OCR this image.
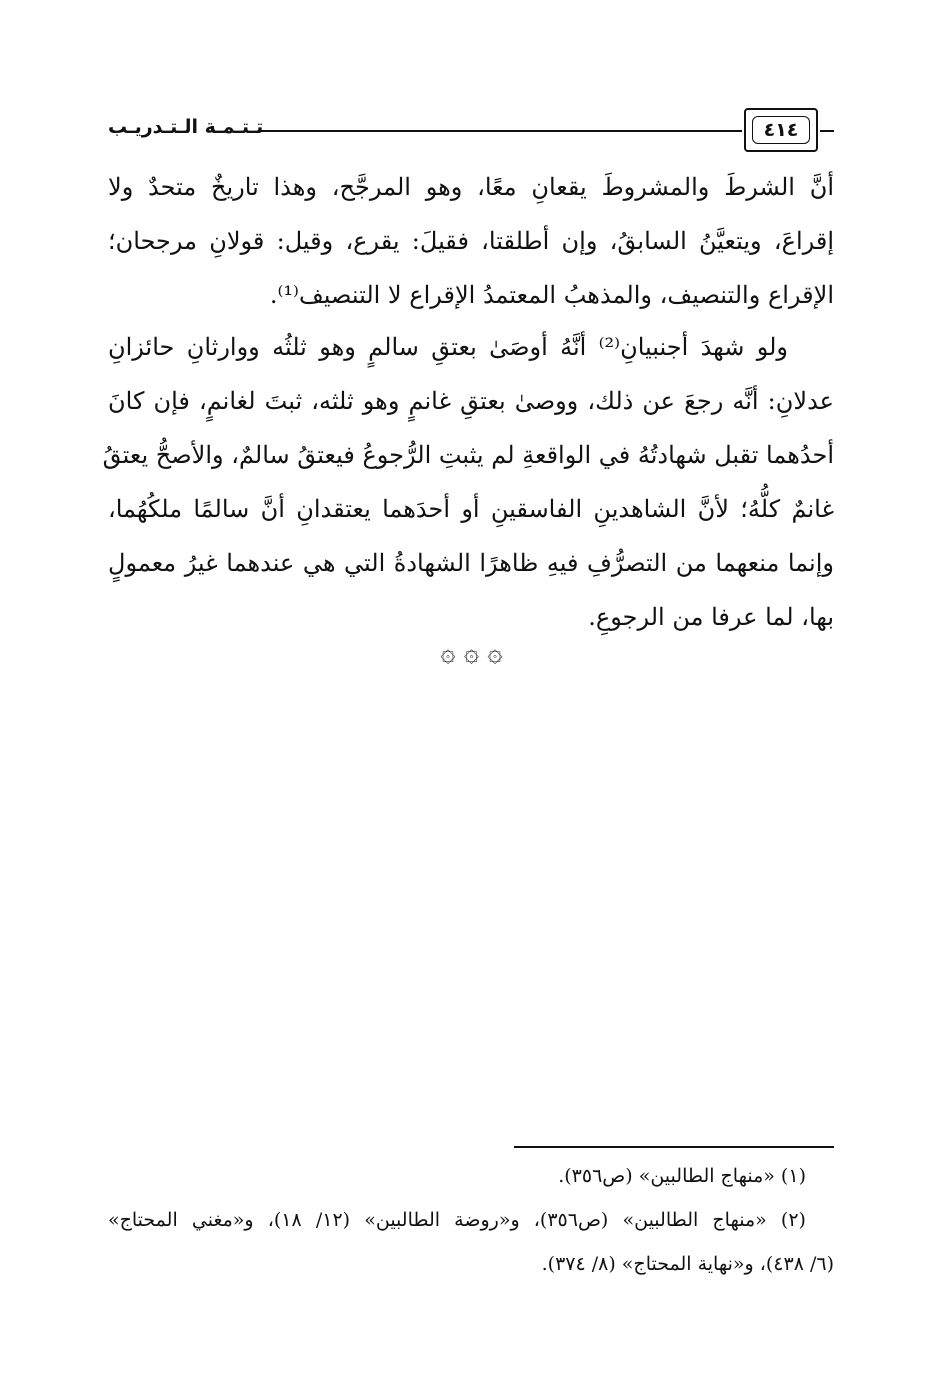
تـتـمـة الـتـدريـب	٤١٤
أنَّ الشرطَ والمشروطَ يقعانِ معًا، وهو المرجَّح، وهذا تاريخٌ متحدٌ ولا
إقراعَ، ويتعيَّنُ السابقُ، وإن أطلقتا، فقيلَ: يقرع، وقيل: قولانِ مرجحان؛
الإقراع والتنصيف، والمذهبُ المعتمدُ الإقراع لا التنصيف⁽¹⁾.
ولو شهدَ أجنبيانِ⁽²⁾ أنَّهُ أوصَىٰ بعتقِ سالمٍ وهو ثلثُه ووارثانِ حائزانِ
عدلانِ: أنَّه رجعَ عن ذلك، ووصىٰ بعتقِ غانمٍ وهو ثلثه، ثبتَ لغانمٍ، فإن كانَ
أحدُهما تقبل شهادتُهُ في الواقعةِ لم يثبتِ الرُّجوعُ فيعتقُ سالمٌ، والأصحُّ يعتقُ
غانمٌ كلُّهُ؛ لأنَّ الشاهدينِ الفاسقينِ أو أحدَهما يعتقدانِ أنَّ سالمًا ملكُهُما،
وإنما منعهما من التصرُّفِ فيهِ ظاهرًا الشهادةُ التي هي عندهما غيرُ معمولٍ
بها، لما عرفا من الرجوعِ.
۞ ۞ ۞
(١) «منهاج الطالبين» (ص٣٥٦).
(٢) «منهاج الطالبين» (ص٣٥٦)، و«روضة الطالبين» (١٢/ ١٨)، و«مغني المحتاج»
(٦/ ٤٣٨)، و«نهاية المحتاج» (٨/ ٣٧٤).
